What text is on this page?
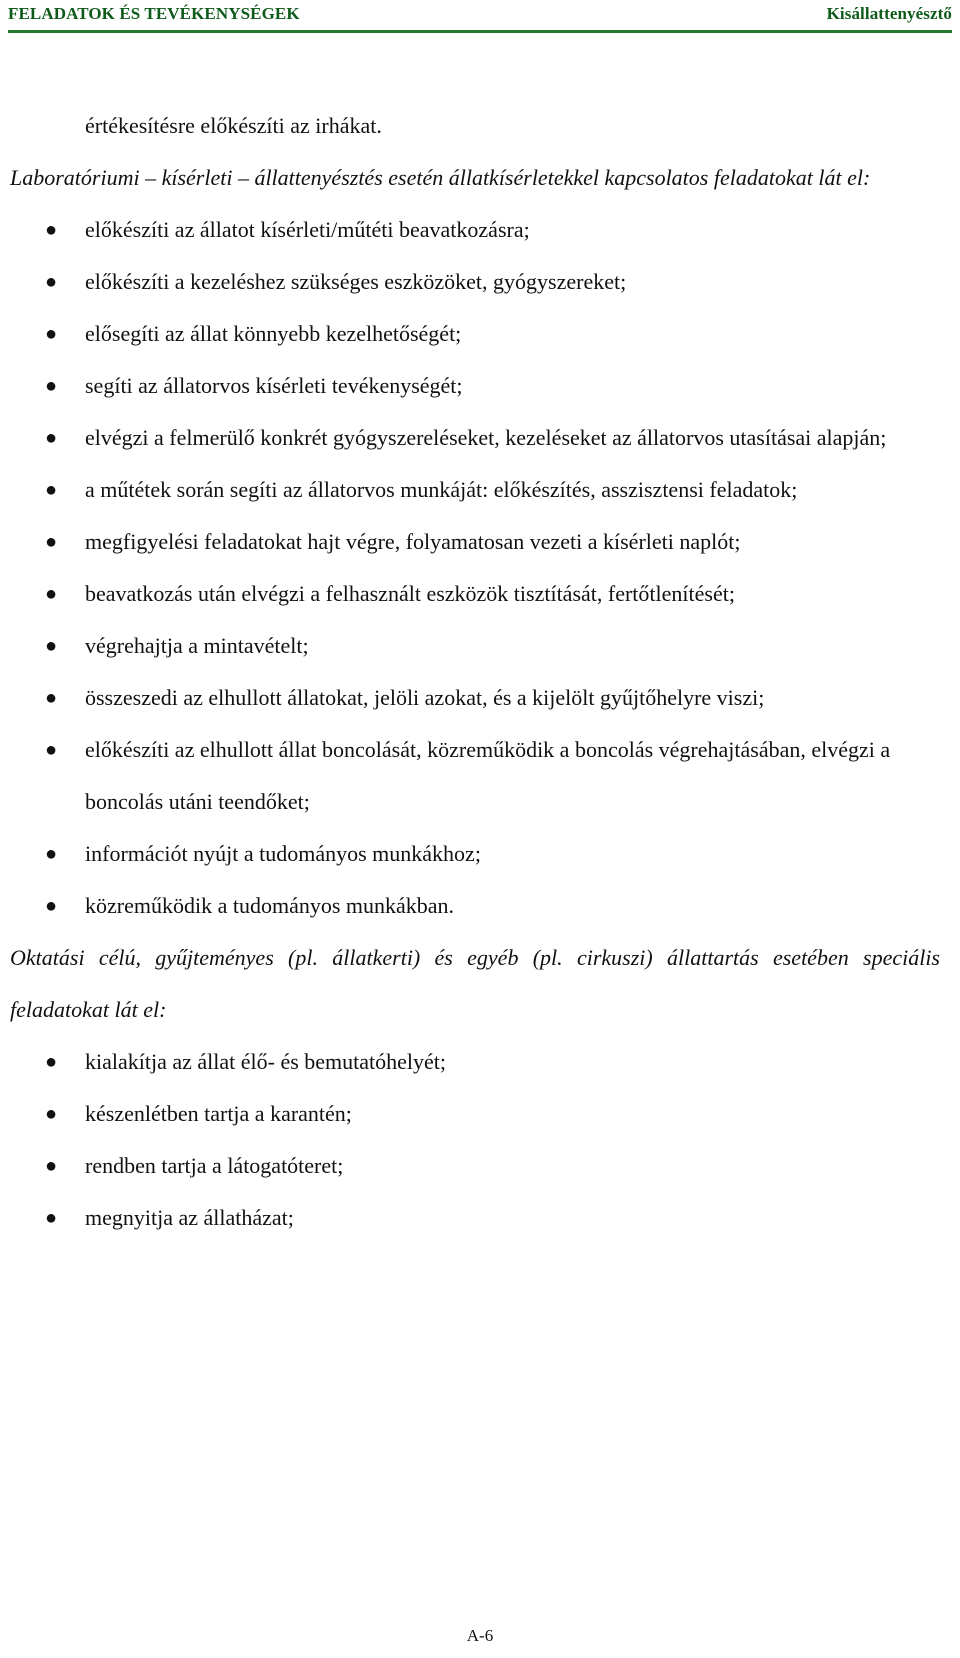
FELADATOK ÉS TEVÉKENYSÉGEK	Kisállattenyésztő
értékesítésre előkészíti az irhákat.
Laboratóriumi – kísérleti – állattenyésztés esetén állatkísérletekkel kapcsolatos feladatokat lát el:
● előkészíti az állatot kísérleti/műtéti beavatkozásra;
● előkészíti a kezeléshez szükséges eszközöket, gyógyszereket;
● elősegíti az állat könnyebb kezelhetőségét;
● segíti az állatorvos kísérleti tevékenységét;
● elvégzi a felmerülő konkrét gyógyszereléseket, kezeléseket az állatorvos utasításai alapján;
● a műtétek során segíti az állatorvos munkáját: előkészítés, asszisztensi feladatok;
● megfigyelési feladatokat hajt végre, folyamatosan vezeti a kísérleti naplót;
● beavatkozás után elvégzi a felhasznált eszközök tisztítását, fertőtlenítését;
● végrehajtja a mintavételt;
● összeszedi az elhullott állatokat, jelöli azokat, és a kijelölt gyűjtőhelyre viszi;
● előkészíti az elhullott állat boncolását, közreműködik a boncolás végrehajtásában, elvégzi a boncolás utáni teendőket;
● információt nyújt a tudományos munkákhoz;
● közreműködik a tudományos munkákban.
Oktatási célú, gyűjteményes (pl. állatkerti) és egyéb (pl. cirkuszi) állattartás esetében speciális feladatokat lát el:
● kialakítja az állat élő- és bemutatóhelyét;
● készenlétben tartja a karantén;
● rendben tartja a látogatóteret;
● megnyitja az állatházat;
A-6
